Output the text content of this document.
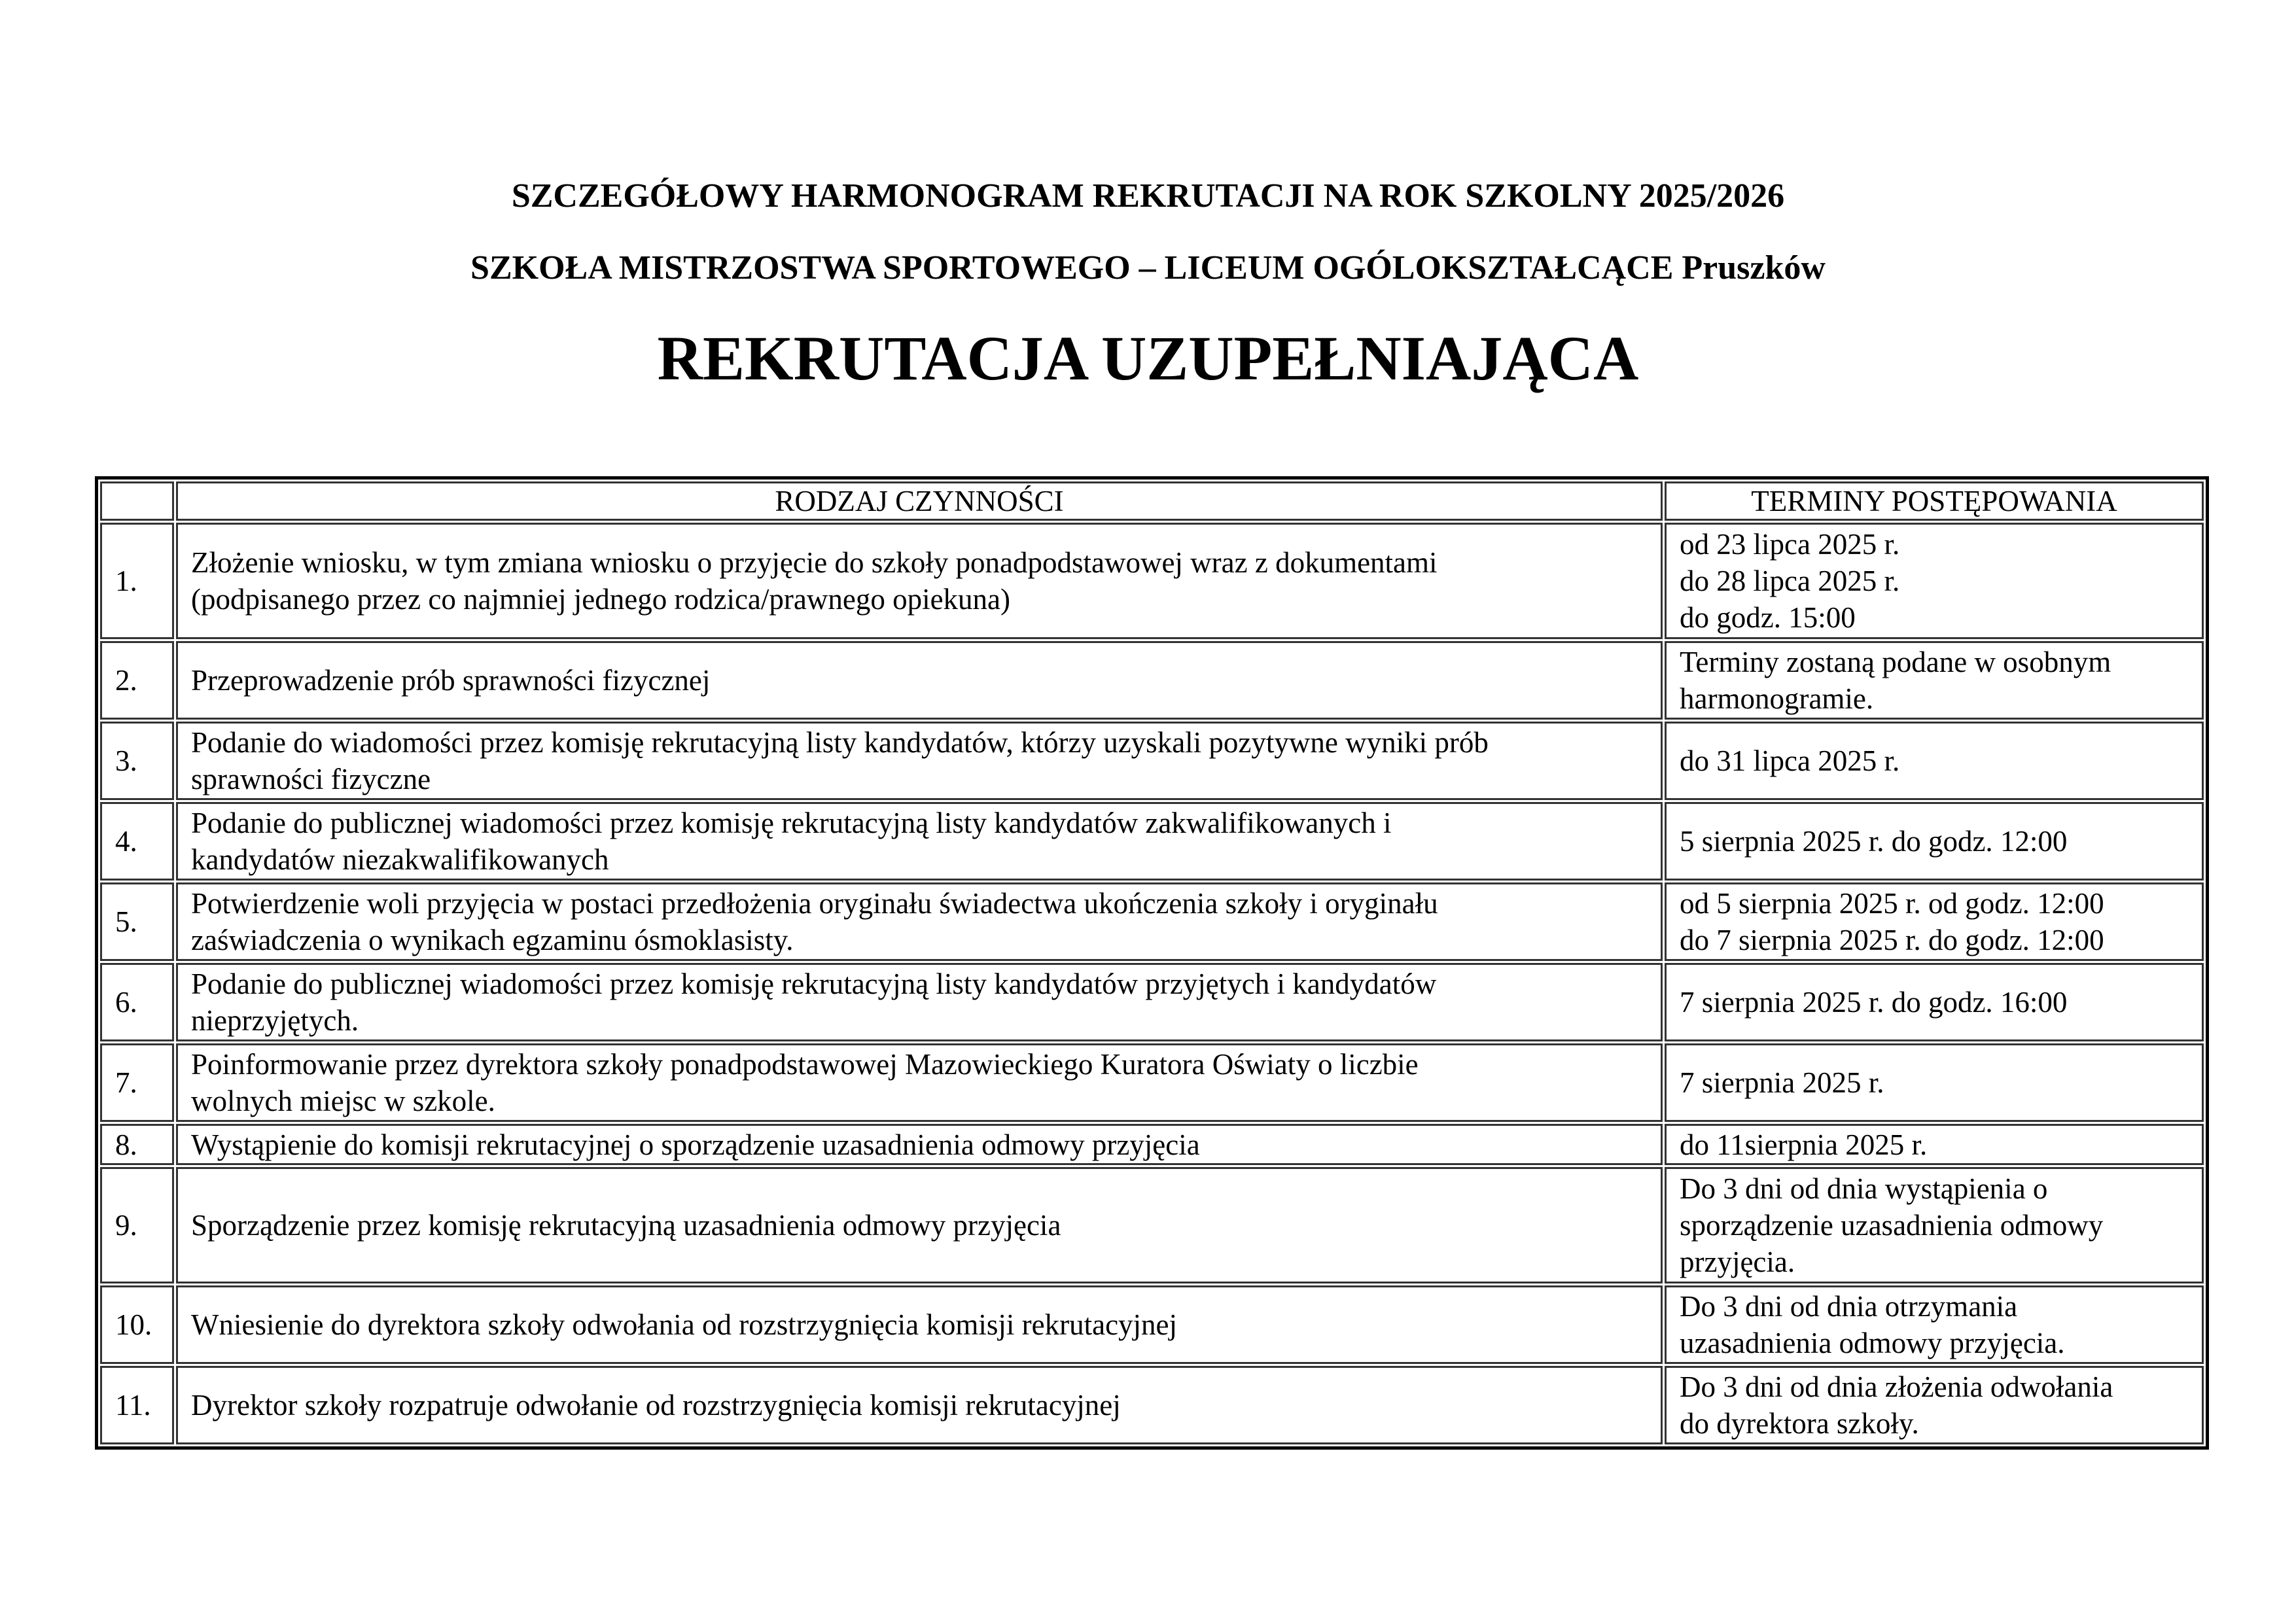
SZCZEGÓŁOWY HARMONOGRAM REKRUTACJI NA ROK SZKOLNY 2025/2026
SZKOŁA MISTRZOSTWA SPORTOWEGO – LICEUM OGÓLOKSZTAŁCĄCE Pruszków
REKRUTACJA UZUPEŁNIAJĄCA
	RODZAJ CZYNNOŚCI	TERMINY POSTĘPOWANIA
1.	Złożenie wniosku, w tym zmiana wniosku o przyjęcie do szkoły ponadpodstawowej wraz z dokumentami
(podpisanego przez co najmniej jednego rodzica/prawnego opiekuna)	od 23 lipca 2025 r.
do 28 lipca 2025 r.
do godz. 15:00

2.	Przeprowadzenie prób sprawności fizycznej	Terminy zostaną podane w osobnym
harmonogramie.

3.	Podanie do wiadomości przez komisję rekrutacyjną listy kandydatów, którzy uzyskali pozytywne wyniki prób
sprawności fizyczne	do 31 lipca 2025 r.

4.	Podanie do publicznej wiadomości przez komisję rekrutacyjną listy kandydatów zakwalifikowanych i
kandydatów niezakwalifikowanych	5 sierpnia 2025 r. do godz. 12:00

5.	Potwierdzenie woli przyjęcia w postaci przedłożenia oryginału świadectwa ukończenia szkoły i oryginału
zaświadczenia o wynikach egzaminu ósmoklasisty.	od 5 sierpnia 2025 r. od godz. 12:00
do 7 sierpnia 2025 r. do godz. 12:00

6.	Podanie do publicznej wiadomości przez komisję rekrutacyjną listy kandydatów przyjętych i kandydatów
nieprzyjętych.	7 sierpnia 2025 r. do godz. 16:00

7.	Poinformowanie przez dyrektora szkoły ponadpodstawowej Mazowieckiego Kuratora Oświaty o liczbie
wolnych miejsc w szkole.	7 sierpnia 2025 r.

8.	Wystąpienie do komisji rekrutacyjnej o sporządzenie uzasadnienia odmowy przyjęcia	do 11sierpnia 2025 r.

9.	Sporządzenie przez komisję rekrutacyjną uzasadnienia odmowy przyjęcia	Do 3 dni od dnia wystąpienia o
sporządzenie uzasadnienia odmowy
przyjęcia.

10.	Wniesienie do dyrektora szkoły odwołania od rozstrzygnięcia komisji rekrutacyjnej	Do 3 dni od dnia otrzymania
uzasadnienia odmowy przyjęcia.

11.	Dyrektor szkoły rozpatruje odwołanie od rozstrzygnięcia komisji rekrutacyjnej	Do 3 dni od dnia złożenia odwołania
do dyrektora szkoły.
